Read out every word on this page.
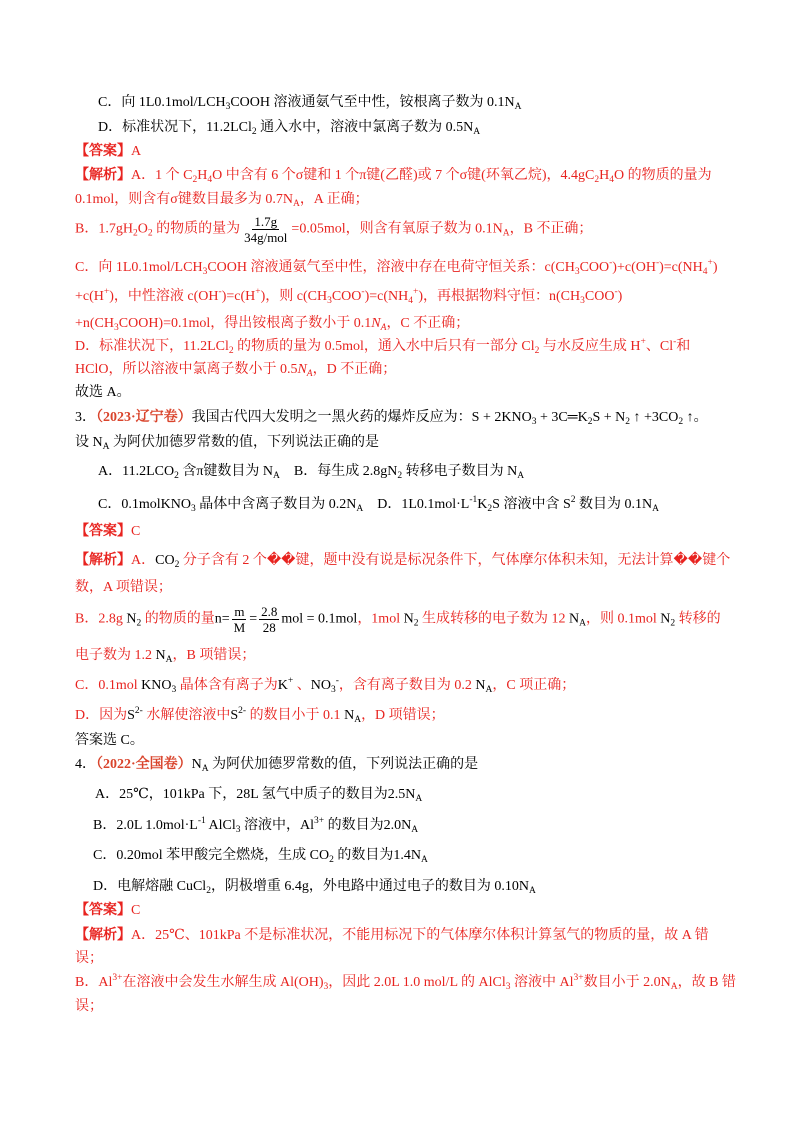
C．向 $1L0.1mol/LCH_3COOH$ 溶液通氨气至中性，铵根离子数为 $0.1N_A$
D．标准状况下，11.2LCl$_2$ 通入水中，溶液中氯离子数为 $0.5N_A$
【答案】A
【解析】A．1 个 $C_2H_4O$ 中含有 6 个σ键和 1 个π键(乙醛)或 7 个σ键(环氧乙烷)，$4.4gC_2H_4O$ 的物质的量为
0.1mol，则含有σ键数目最多为 $0.7N_A$，A 正确；
B．$1.7gH_2O_2$ 的物质的量为 $\frac{1.7g}{\text{34g/mol}} =0.05mol$，则含有氧原子数为 $0.1N_A$，B 不正确；
C．向 $1L0.1mol/LCH_3COOH$ 溶液通氨气至中性，溶液中存在电荷守恒关系：$c(CH_3COO^-)+c(OH^-)=c(NH_4^+)$
+c(H+)，中性溶液 c(OH-)=c(H+)，则 $c(CH_3COO^-)=c(NH_4^+)$，再根据物料守恒：$n(CH_3COO^-)$
$+n(CH_3COOH)=0.1mol$，得出铵根离子数小于 $0.1N_A$，C 不正确；
D．标准状况下，11.2LCl$_2$ 的物质的量为 0.5mol，通入水中后只有一部分 $Cl_2$ 与水反应生成 H+、Cl-和
HClO，所以溶液中氯离子数小于 $0.5N_A$，D 不正确；
故选 A。
3．（2023·辽宁卷）我国古代四大发明之一黑火药的爆炸反应为：$S + 2KNO_3$ + $3C═K_2S + N_2$ ↑ $+3CO_2$ ↑。
设 $N_A$ 为阿伏加德罗常数的值，下列说法正确的是
A．$11.2LCO_2$ 含π键数目为 $N_A$　B．每生成 $2.8gN_2$ 转移电子数目为 $N_A$
C．0.1molKNO$_3$ 晶体中含离子数目为 $0.2N_A$　D．$1L0.1mol\cdot L^{-1}K_2S$ 溶液中含 $S^2$ 数目为 $0.1N_A$
【答案】C
【解析】A．$CO_2$ 分子含有 2 个��键，题中没有说是标况条件下，气体摩尔体积未知，无法计算��键个
数，A 项错误；
B．2.8g $N_2$ 的物质的量$n= \frac{m}{M} = \frac{2.8}{28}$ mol = 0.1mol，1mol $N_2$ 生成转移的电子数为 12 $N_A$，则 0.1mol $N_2$ 转移的
电子数为 1.2 $N_A$，B 项错误；
C．0.1mol $KNO_3$ 晶体含有离子为K+ 、$NO_3^-$，含有离子数目为 0.2 $N_A$，C 项正确；
D．因为$S^{2-}$ 水解使溶液中$S^{2-}$ 的数目小于 0.1 $N_A$，D 项错误；
答案选 C。
4．（2022·全国卷）$N_A$ 为阿伏加德罗常数的值，下列说法正确的是
A．25℃，101kPa 下，28L 氢气中质子的数目为$2.5N_A$
B．2.0L $1.0mol\cdot L^{-1}$ AlCl$_3$ 溶液中，$Al^{3+}$ 的数目为$2.0N_A$
C．0.20mol 苯甲酸完全燃烧，生成 $CO_2$ 的数目为$1.4N_A$
D．电解熔融 CuCl$_2$，阴极增重 6.4g，外电路中通过电子的数目为 $0.10N_A$
【答案】C
【解析】A．25℃、101kPa 不是标准状况，不能用标况下的气体摩尔体积计算氢气的物质的量，故 A 错
误；
B．$Al^{3+}$在溶液中会发生水解生成 $Al(OH)_3$，因此 2.0L 1.0 mol/L 的 AlCl$_3$ 溶液中 $Al^{3+}$数目小于 $2.0N_A$，故 B 错
误；
